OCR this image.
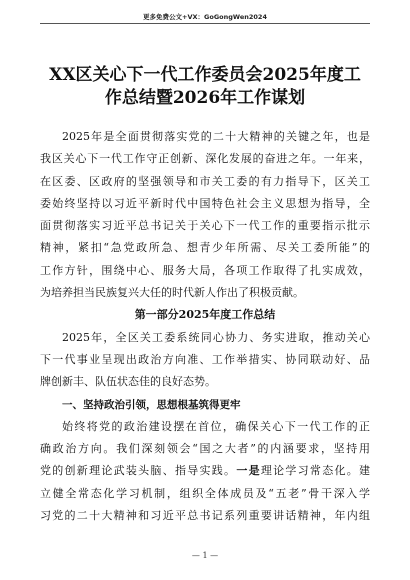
更多免费公文+VX：GoGongWen2024
XX区关心下一代工作委员会2025年度工
作总结暨2026年工作谋划
2025年是全面贯彻落实党的二十大精神的关键之年，也是
我区关心下一代工作守正创新、深化发展的奋进之年。一年来，
在区委、区政府的坚强领导和市关工委的有力指导下，区关工
委始终坚持以习近平新时代中国特色社会主义思想为指导，全
面贯彻落实习近平总书记关于关心下一代工作的重要指示批示
精神，紧扣“急党政所急、想青少年所需、尽关工委所能”的
工作方针，围绕中心、服务大局，各项工作取得了扎实成效，
为培养担当民族复兴大任的时代新人作出了积极贡献。
第一部分2025年度工作总结
2025年，全区关工委系统同心协力、务实进取，推动关心
下一代事业呈现出政治方向准、工作举措实、协同联动好、品
牌创新丰、队伍状态佳的良好态势。
一、坚持政治引领，思想根基筑得更牢
始终将党的政治建设摆在首位，确保关心下一代工作的正
确政治方向。我们深刻领会“国之大者”的内涵要求，坚持用
党的创新理论武装头脑、指导实践。一是理论学习常态化。建
立健全常态化学习机制，组织全体成员及“五老”骨干深入学
习党的二十大精神和习近平总书记系列重要讲话精神，年内组
— 1 —
